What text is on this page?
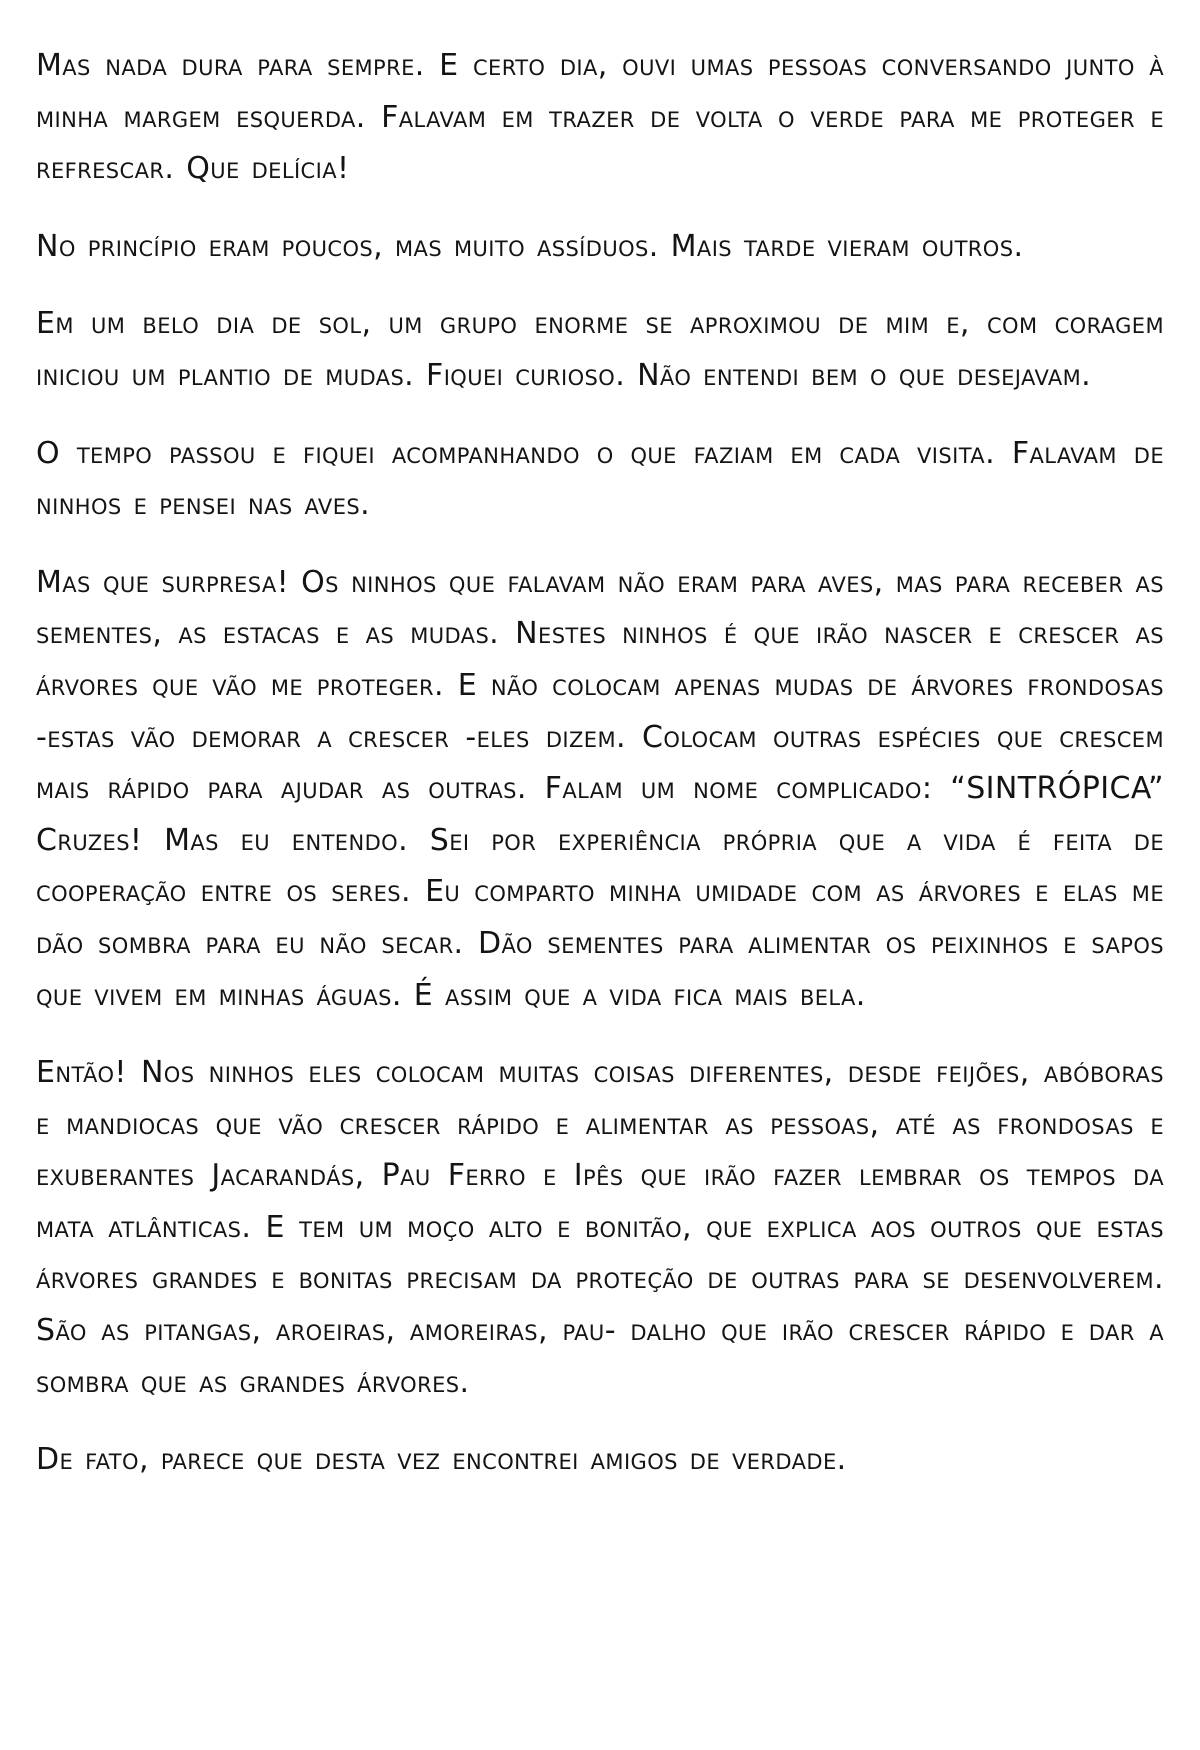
Mas nada dura para sempre. E certo dia, ouvi umas pessoas conversando junto à minha margem esquerda. Falavam em trazer de volta o verde para me proteger e refrescar. Que delícia!

No princípio eram poucos, mas muito assíduos. Mais tarde vieram outros.

Em um belo dia de sol, um grupo enorme se aproximou de mim e, com coragem iniciou um plantio de mudas. Fiquei curioso. Não entendi bem o que desejavam.

O tempo passou e fiquei acompanhando o que faziam em cada visita. Falavam de ninhos e pensei nas aves.

Mas que surpresa! Os ninhos que falavam não eram para aves, mas para receber as sementes, as estacas e as mudas. Nestes ninhos é que irão nascer e crescer as árvores que vão me proteger. E não colocam apenas mudas de árvores frondosas -estas vão demorar a crescer -eles dizem. Colocam outras espécies que crescem mais rápido para ajudar as outras. Falam um nome complicado: “SINTRÓPICA” Cruzes! Mas eu entendo. Sei por experiência própria que a vida é feita de cooperação entre os seres. Eu comparto minha umidade com as árvores e elas me dão sombra para eu não secar. Dão sementes para alimentar os peixinhos e sapos que vivem em minhas águas. É assim que a vida fica mais bela.

Então! Nos ninhos eles colocam muitas coisas diferentes, desde feijões, abóboras e mandiocas que vão crescer rápido e alimentar as pessoas, até as frondosas e exuberantes Jacarandás, Pau Ferro e Ipês que irão fazer lembrar os tempos da mata atlânticas. E tem um moço alto e bonitão, que explica aos outros que estas árvores grandes e bonitas precisam da proteção de outras para se desenvolverem. São as pitangas, aroeiras, amoreiras, pau- dalho que irão crescer rápido e dar a sombra que as grandes árvores.

De fato, parece que desta vez encontrei amigos de verdade.
